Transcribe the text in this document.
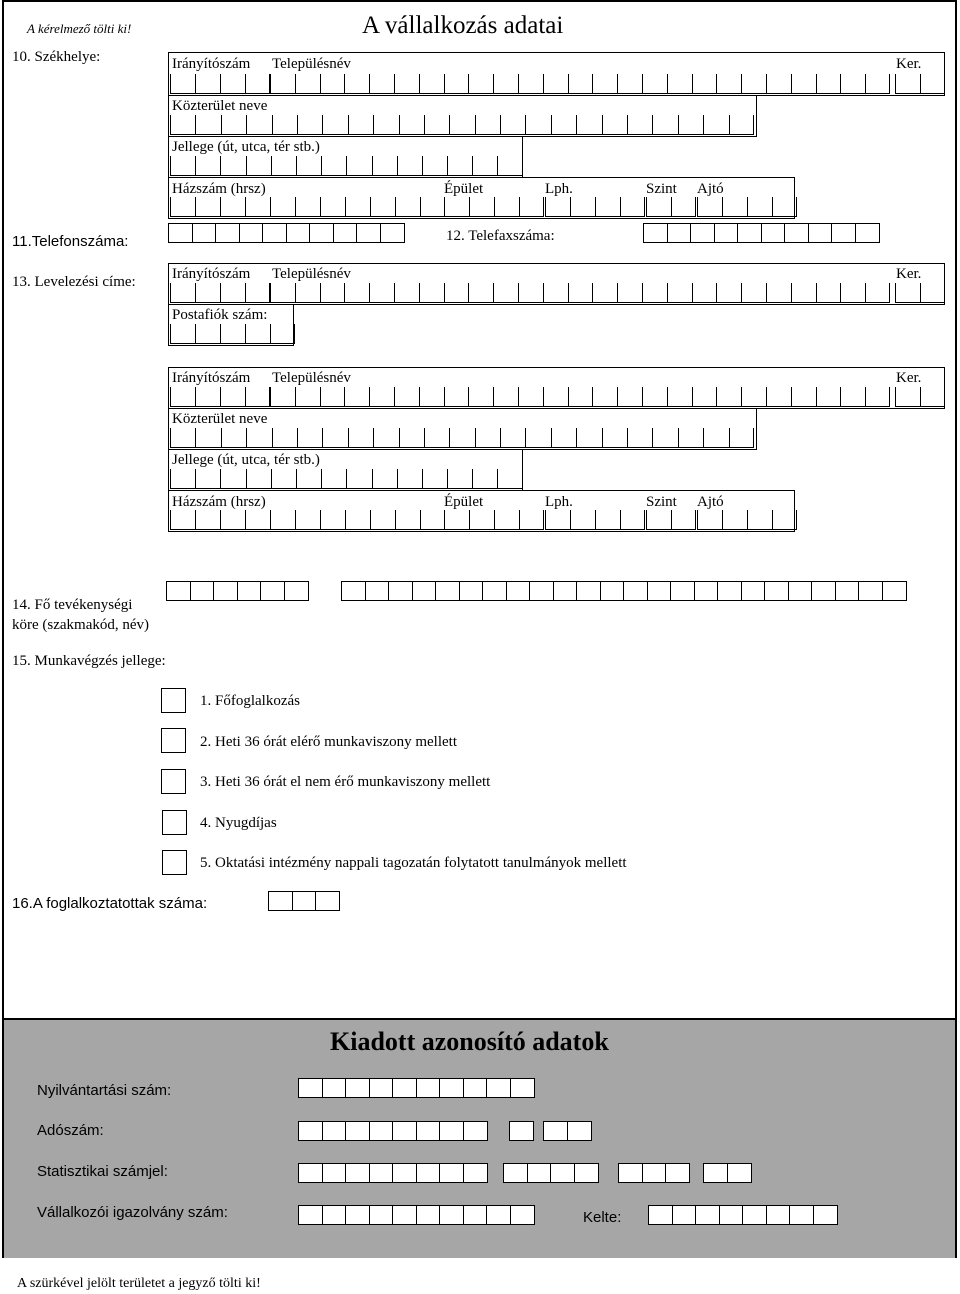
A kérelmező tölti ki!	A vállalkozás adatai
10. Székhelye:	Irányítószám Településnév	Ker.
Közterület neve
Jellege (út, utca, tér stb.)
Házszám (hrsz)	Épület	Lph.	Szint Ajtó
11.Telefonszáma:	12. Telefaxszáma:
13. Levelezési címe: Irányítószám Településnév	Ker.
Postafiók szám:
Irányítószám Településnév	Ker.
Közterület neve
Jellege (út, utca, tér stb.)
Házszám (hrsz)	Épület	Lph.	Szint Ajtó
14. Fő tevékenységi
köre (szakmakód, név)
15. Munkavégzés jellege:
1. Főfoglalkozás
2. Heti 36 órát elérő munkaviszony mellett
3. Heti 36 órát el nem érő munkaviszony mellett
4. Nyugdíjas
5. Oktatási intézmény nappali tagozatán folytatott tanulmányok mellett
16.A foglalkoztatottak száma:
Kiadott azonosító adatok
Nyilvántartási szám:
Adószám:
Statisztikai számjel:
Vállalkozói igazolvány szám:	Kelte:
A szürkével jelölt területet a jegyző tölti ki!
